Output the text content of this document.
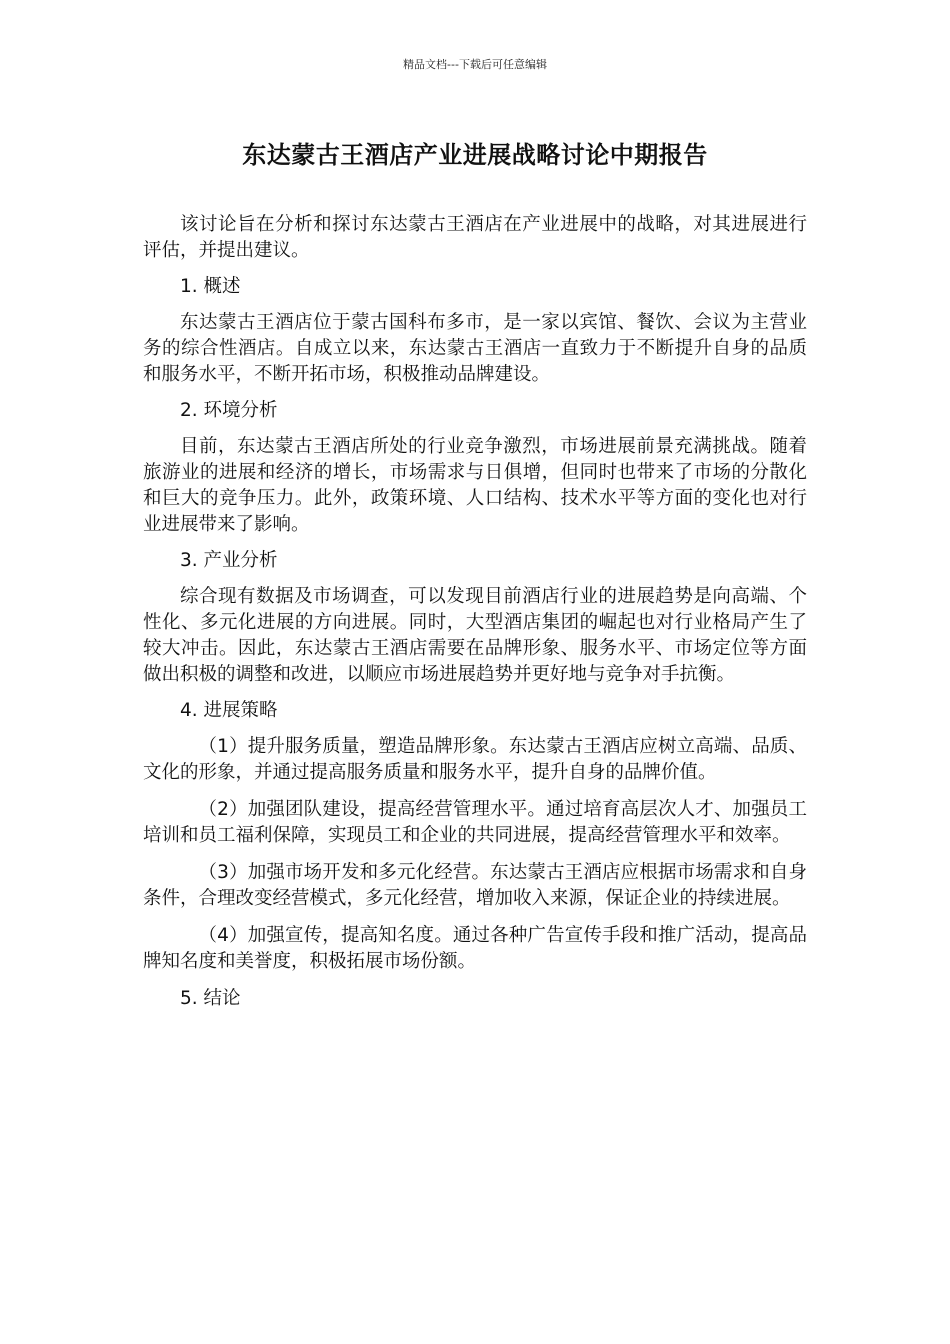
精品文档---下载后可任意编辑
东达蒙古王酒店产业进展战略讨论中期报告

该讨论旨在分析和探讨东达蒙古王酒店在产业进展中的战略，对其进展进行评估，并提出建议。

1. 概述

东达蒙古王酒店位于蒙古国科布多市，是一家以宾馆、餐饮、会议为主营业务的综合性酒店。自成立以来，东达蒙古王酒店一直致力于不断提升自身的品质和服务水平，不断开拓市场，积极推动品牌建设。

2. 环境分析

目前，东达蒙古王酒店所处的行业竞争激烈，市场进展前景充满挑战。随着旅游业的进展和经济的增长，市场需求与日俱增，但同时也带来了市场的分散化和巨大的竞争压力。此外，政策环境、人口结构、技术水平等方面的变化也对行业进展带来了影响。

3. 产业分析

综合现有数据及市场调查，可以发现目前酒店行业的进展趋势是向高端、个性化、多元化进展的方向进展。同时，大型酒店集团的崛起也对行业格局产生了较大冲击。因此，东达蒙古王酒店需要在品牌形象、服务水平、市场定位等方面做出积极的调整和改进，以顺应市场进展趋势并更好地与竞争对手抗衡。

4. 进展策略

（1）提升服务质量，塑造品牌形象。东达蒙古王酒店应树立高端、品质、文化的形象，并通过提高服务质量和服务水平，提升自身的品牌价值。

（2）加强团队建设，提高经营管理水平。通过培育高层次人才、加强员工培训和员工福利保障，实现员工和企业的共同进展，提高经营管理水平和效率。

（3）加强市场开发和多元化经营。东达蒙古王酒店应根据市场需求和自身条件，合理改变经营模式，多元化经营，增加收入来源，保证企业的持续进展。

（4）加强宣传，提高知名度。通过各种广告宣传手段和推广活动，提高品牌知名度和美誉度，积极拓展市场份额。

5. 结论
